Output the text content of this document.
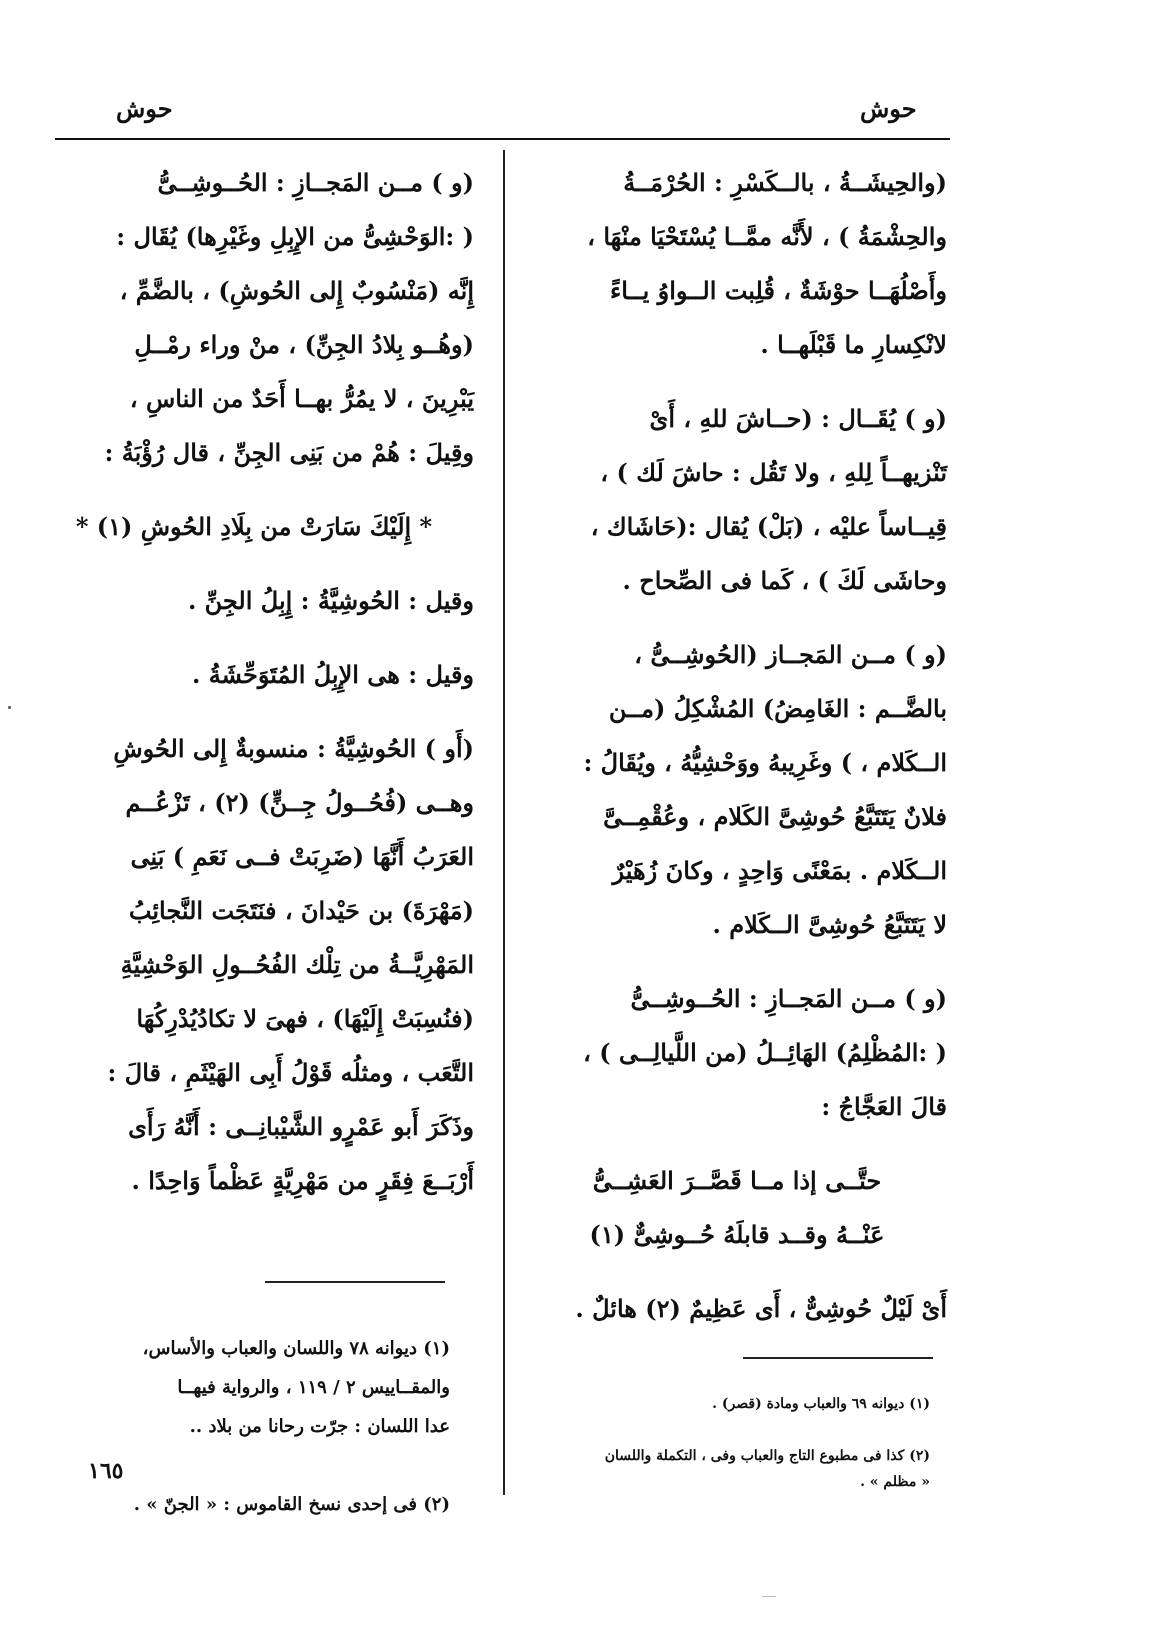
حوش
حوش

(والحِيشَــةُ ، بالــكَسْرِ : الحُرْمَــةُ
والحِشْمَةُ ) ، لأَنَّه ممَّــا يُسْتَحْيَا منْهَا ،
وأَصْلُهَــا حوْشَةٌ ، قُلِبت الــواوُ يــاءً
لانْكِسارِ ما قَبْلَهــا .

(و ) يُقَــال : (حــاشَ للهِ ، أَىْ
تَنْزيهــاً لِلهِ ، ولا تَقُل : حاشَ لَك ) ،
قِيــاساً عليْه ، (بَلْ) يُقال :(حَاشَاك ،
وحاشَى لَكَ ) ، كَما فى الصِّحاح .

(و ) مــن المَجــاز (الحُوشِــىُّ ،
بالضَّــم : الغَامِضُ) المُشْكِلُ (مــن
الــكَلام ، ) وغَرِيبهُ ووَحْشِيُّهُ ، ويُقَالُ :
فلانٌ يَتَتَبَّعُ حُوشِىَّ الكَلام ، وعُقْمِــىَّ
الــكَلام . بمَعْنًى وَاحِدٍ ، وكانَ زُهَيْرٌ
لا يَتَتَبَّعُ حُوشِىَّ الــكَلام .

(و ) مــن المَجــازِ : الحُــوشِــىُّ
( :المُظْلِمُ) الهَائِــلُ (من اللَّيالِــى ) ،
قالَ العَجَّاجُ :

حتَّــى إذا مــا قَصَّــرَ العَشِــىُّ
عَنْــهُ وقــد قابلَهُ حُــوشِىٌّ (١)

أَىْ لَيْلٌ حُوشِىٌّ ، أَى عَظِيمٌ (٢) هائلٌ .

(و ) مــن المَجــازِ : الحُــوشِــىُّ
( :الوَحْشِىُّ من الإِبِلِ وغَيْرِها) يُقَال :
إِنَّه (مَنْسُوبٌ إِلى الحُوشِ) ، بالضَّمِّ ،
(وهُــو بِلادُ الجِنِّ) ، منْ وراء رمْــلِ
يَبْرِينَ ، لا يمُرُّ بهــا أَحَدٌ من الناسِ ،
وقِيلَ : هُمْ من بَنِى الجِنِّ ، قال رُؤْبَةُ :

* إِلَيْكَ سَارَتْ من بِلَادِ الحُوشِ (١) *

وقيل : الحُوشِيَّةُ : إِبِلُ الجِنِّ .

وقيل : هى الإِبِلُ المُتَوَحِّشَةُ .

(أَو ) الحُوشِيَّةُ : منسوبةٌ إِلى الحُوشِ
وهــى (فُحُــولُ جِــنٍّ) (٢) ، تَزْعُــم
العَرَبُ أَنَّهَا (ضَرِبَتْ فــى نَعَمِ ) بَنِى
(مَهْرَةَ) بن حَيْدانَ ، فنَتَجَت النَّجائِبُ
المَهْرِيَّــةُ من تِلْك الفُحُــولِ الوَحْشِيَّةِ
(فنُسِبَتْ إِلَيْهَا) ، فهىَ لا تكادُيُدْرِكُهَا
التَّعَب ، ومثلُه قَوْلُ أَبِى الهَيْثَمِ ، قالَ :
وذَكَرَ أَبو عَمْرٍو الشَّيْبانِــى : أَنَّهُ رَأَى
أَرْبَــعَ فِقَرٍ من مَهْرِيَّةٍ عَظْماً وَاحِدًا .

(١) ديوانه ٧٨ واللسان والعباب والأساس،
والمقــاييس ٢ / ١١٩ ، والرواية فيهــا
عدا اللسان : جرّت رحانا من بلاد ..

(٢) فى إحدى نسخ القاموس : « الجنّ » .

(١) ديوانه ٦٩ والعباب ومادة (قصر) .

(٢) كذا فى مطبوع التاج والعباب وفى ، التكملة واللسان
« مظلم » .

١٦٥
